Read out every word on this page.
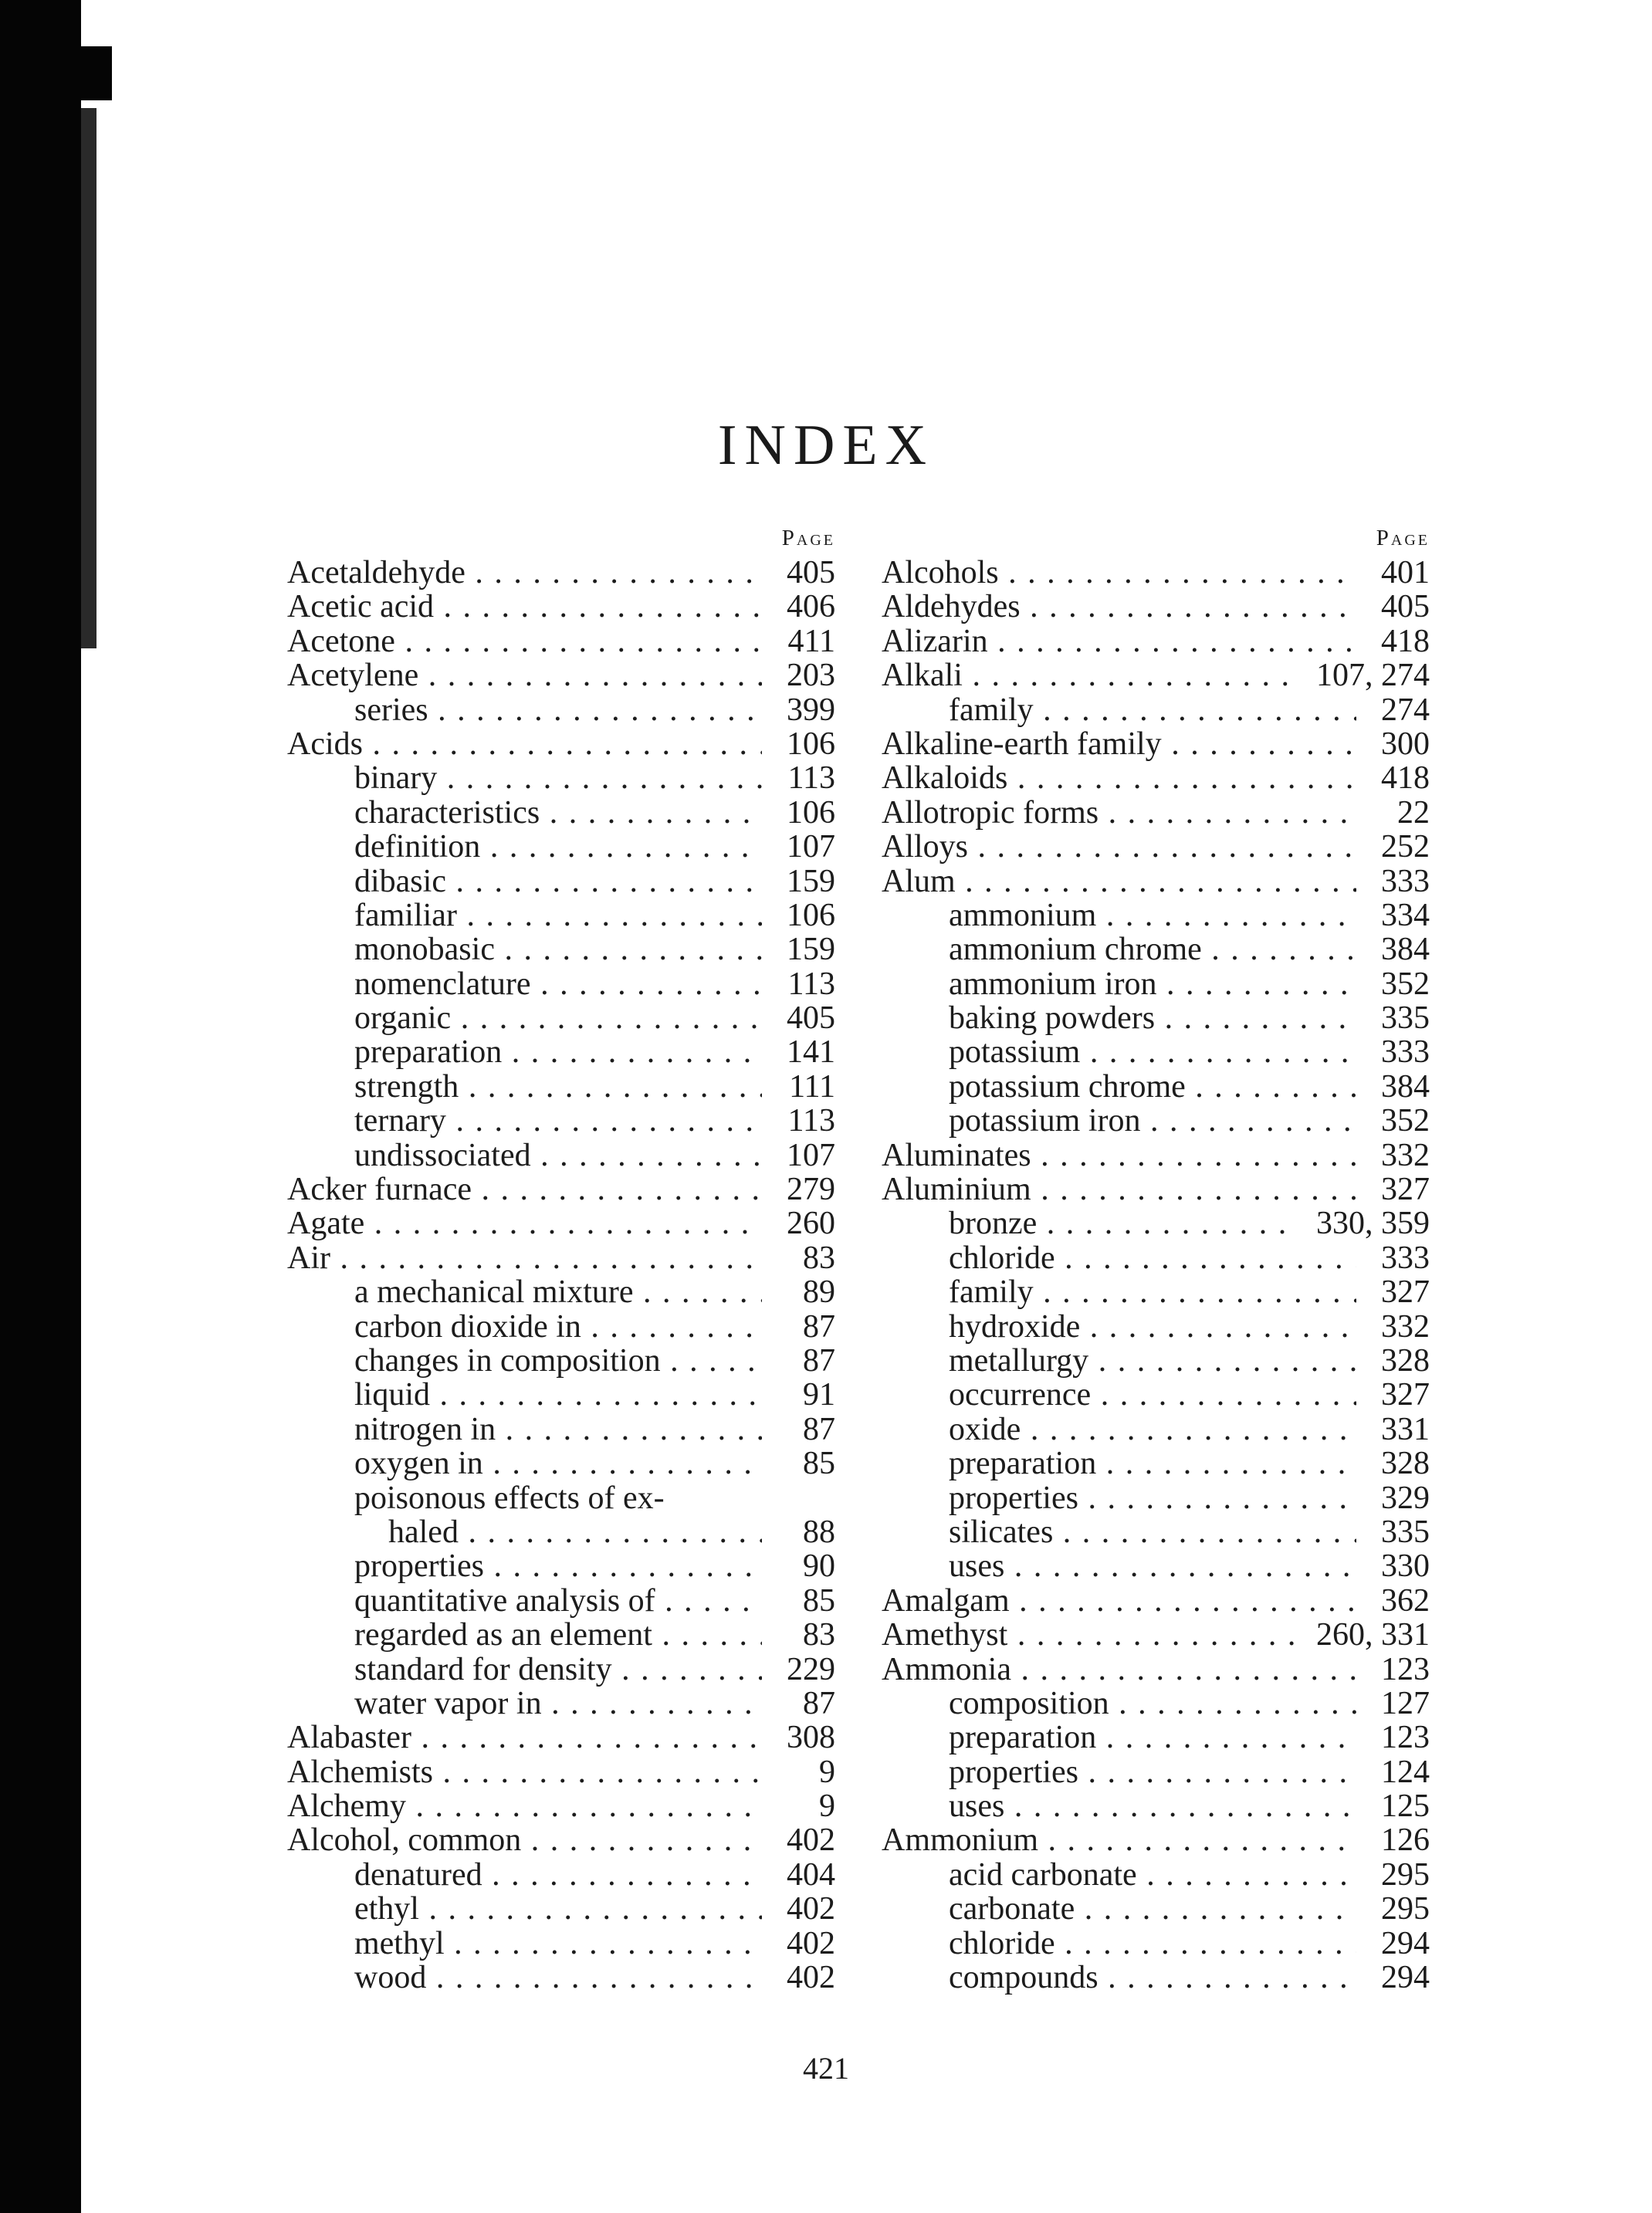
INDEX
Page
Acetaldehyde . .	405
Acetic acid . .	406
Acetone . .	411
Acetylene . .	203
series . .	399
Acids . .	106
binary . .	113
characteristics . .	106
definition . .	107
dibasic . .	159
familiar . .	106
monobasic . .	159
nomenclature . .	113
organic . .	405
preparation . .	141
strength . .	111
ternary . .	113
undissociated . .	107
Acker furnace . .	279
Agate . .	260
Air . .	83
a mechanical mixture . .	89
carbon dioxide in . .	87
changes in composition . .	87
liquid . .	91
nitrogen in . .	87
oxygen in . .	85
poisonous effects of ex-
haled . .	88
properties . .	90
quantitative analysis of . .	85
regarded as an element . .	83
standard for density . .	229
water vapor in . .	87
Alabaster . .	308
Alchemists . .	9
Alchemy . .	9
Alcohol, common . .	402
denatured . .	404
ethyl . .	402
methyl . .	402
wood . .	402
Page
Alcohols . .	401
Aldehydes . .	405
Alizarin . .	418
Alkali . .	107, 274
family . .	274
Alkaline-earth family . .	300
Alkaloids . .	418
Allotropic forms . .	22
Alloys . .	252
Alum . .	333
ammonium . .	334
ammonium chrome . .	384
ammonium iron . .	352
baking powders . .	335
potassium . .	333
potassium chrome . .	384
potassium iron . .	352
Aluminates . .	332
Aluminium . .	327
bronze . .	330, 359
chloride . .	333
family . .	327
hydroxide . .	332
metallurgy . .	328
occurrence . .	327
oxide . .	331
preparation . .	328
properties . .	329
silicates . .	335
uses . .	330
Amalgam . .	362
Amethyst . .	260, 331
Ammonia . .	123
composition . .	127
preparation . .	123
properties . .	124
uses . .	125
Ammonium . .	126
acid carbonate . .	295
carbonate . .	295
chloride . .	294
compounds . .	294
421
